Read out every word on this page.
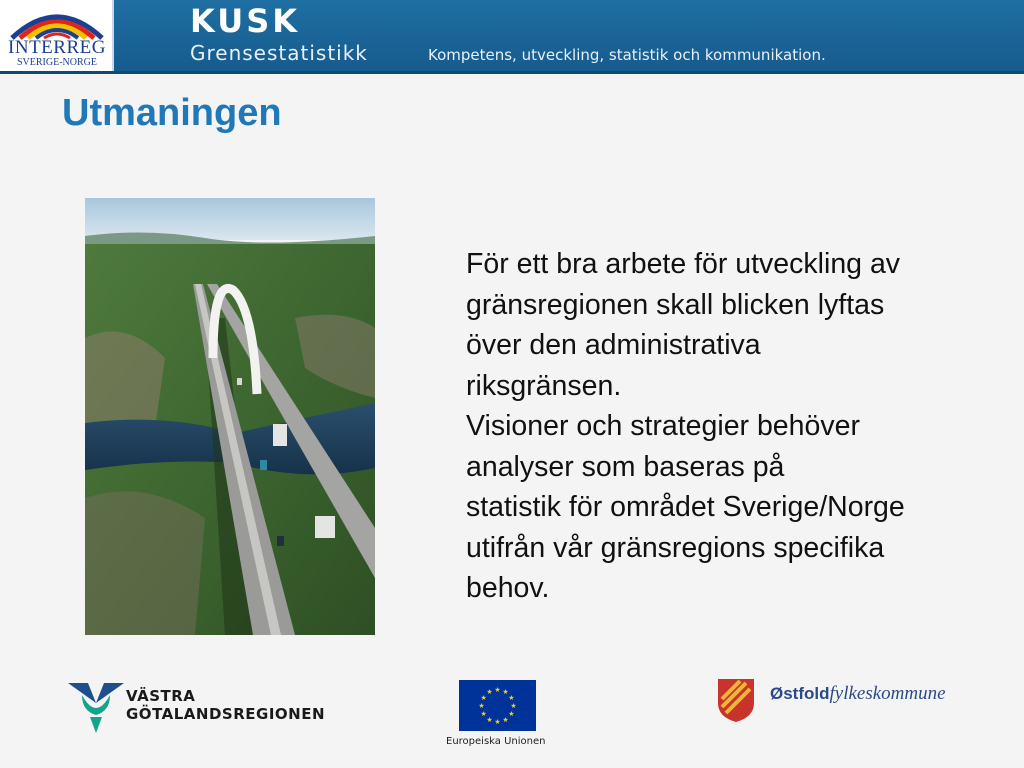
INTERREG
SVERIGE-NORGE
KUSK
Grensestatistikk	Kompetens, utveckling, statistik och kommunikation.
Utmaningen

För ett bra arbete för utveckling av
gränsregionen skall blicken lyftas
över den administrativa
riksgränsen.

Visioner och strategier behöver
analyser som baseras på
statistik för området Sverige/Norge
utifrån vår gränsregions specifika
behov.

VÄSTRA
GÖTALANDSREGIONEN
★ ★
★
★
★
★
★
★
★
★
★
★
Europeiska Unionen
Østfoldfylkeskommune
